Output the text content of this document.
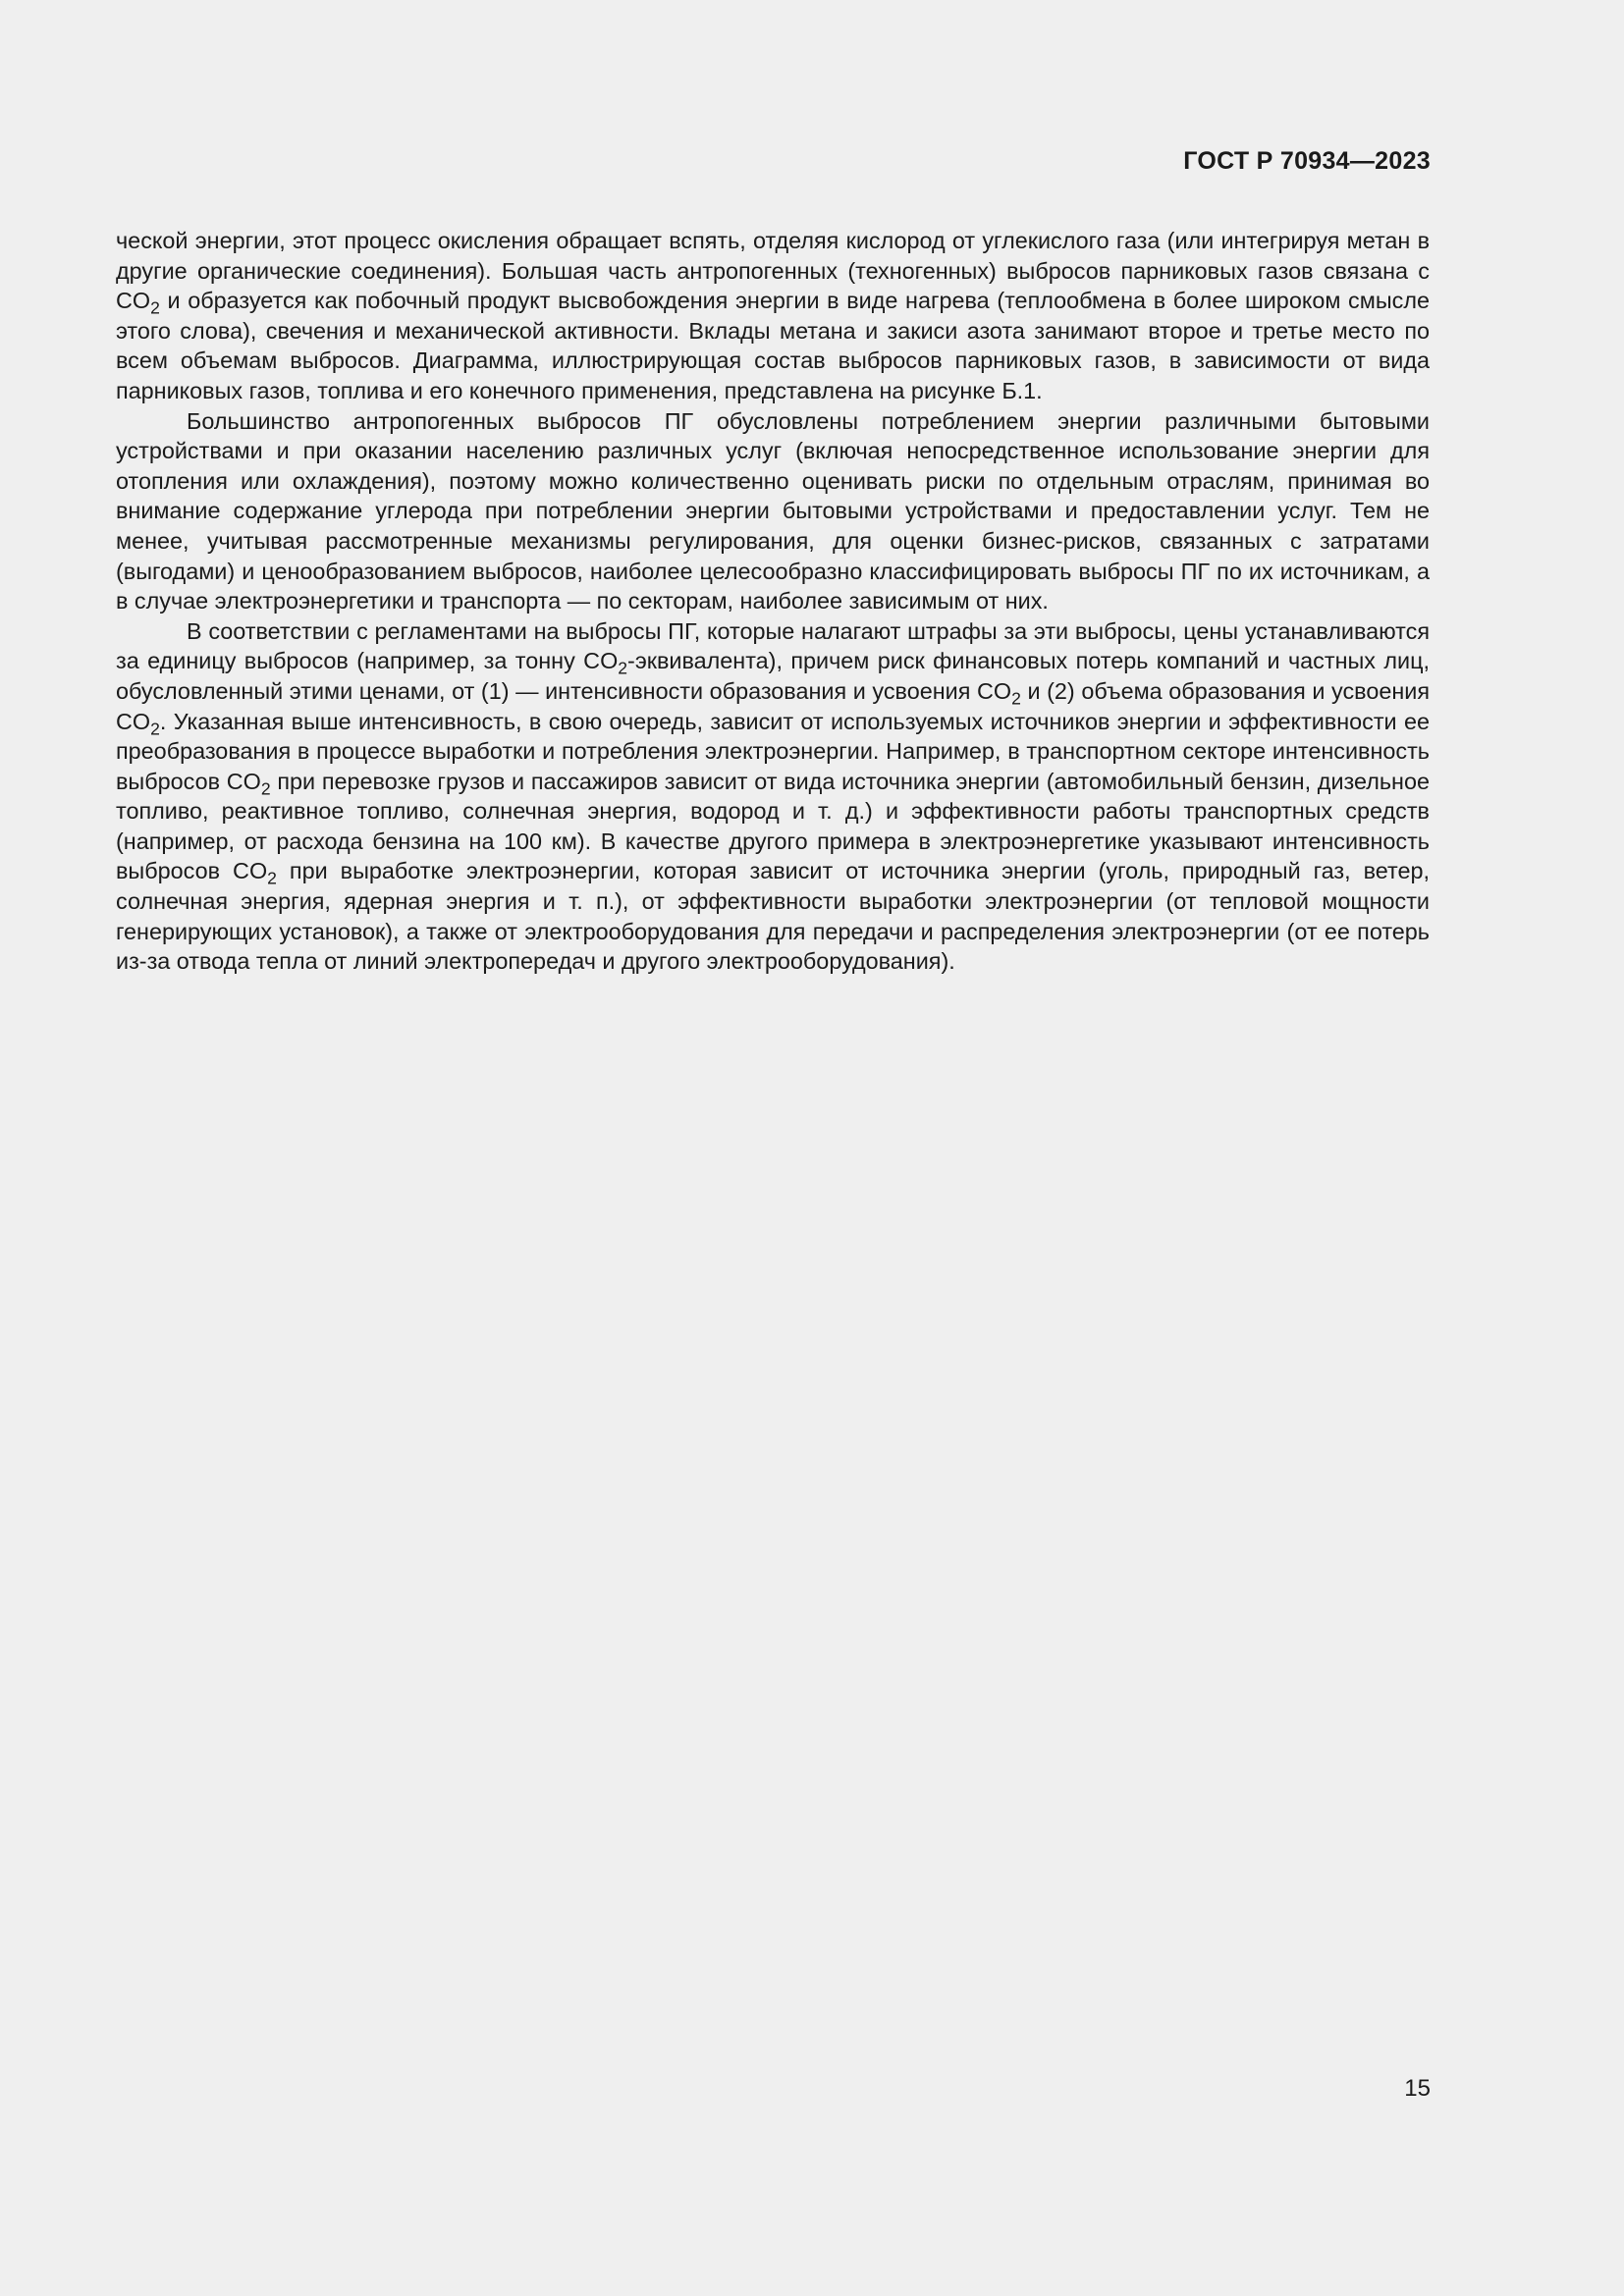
ГОСТ Р 70934—2023

ческой энергии, этот процесс окисления обращает вспять, отделяя кислород от углекислого газа (или интегрируя метан в другие органические соединения). Большая часть антропогенных (техногенных) выбросов парниковых газов связана с $CO_2$ и образуется как побочный продукт высвобождения энергии в виде нагрева (теплообмена в более широком смысле этого слова), свечения и механической активности. Вклады метана и закиси азота занимают второе и третье место по всем объемам выбросов. Диаграмма, иллюстрирующая состав выбросов парниковых газов, в зависимости от вида парниковых газов, топлива и его конечного применения, представлена на рисунке Б.1.

Большинство антропогенных выбросов ПГ обусловлены потреблением энергии различными бытовыми устройствами и при оказании населению различных услуг (включая непосредственное использование энергии для отопления или охлаждения), поэтому можно количественно оценивать риски по отдельным отраслям, принимая во внимание содержание углерода при потреблении энергии бытовыми устройствами и предоставлении услуг. Тем не менее, учитывая рассмотренные механизмы регулирования, для оценки бизнес-рисков, связанных с затратами (выгодами) и ценообразованием выбросов, наиболее целесообразно классифицировать выбросы ПГ по их источникам, а в случае электроэнергетики и транспорта — по секторам, наиболее зависимым от них.

В соответствии с регламентами на выбросы ПГ, которые налагают штрафы за эти выбросы, цены устанавливаются за единицу выбросов (например, за тонну $CO_2-эквивалента$), причем риск финансовых потерь компаний и частных лиц, обусловленный этими ценами, от (1) — интенсивности образования и усвоения $CO_2$ и (2) объема образования и усвоения $CO_2$. Указанная выше интенсивность, в свою очередь, зависит от используемых источников энергии и эффективности ее преобразования в процессе выработки и потребления электроэнергии. Например, в транспортном секторе интенсивность выбросов $CO_2$ при перевозке грузов и пассажиров зависит от вида источника энергии (автомобильный бензин, дизельное топливо, реактивное топливо, солнечная энергия, водород и т. д.) и эффективности работы транспортных средств (например, от расхода бензина на 100 км). В качестве другого примера в электроэнергетике указывают интенсивность выбросов $CO_2$ при выработке электроэнергии, которая зависит от источника энергии (уголь, природный газ, ветер, солнечная энергия, ядерная энергия и т. п.), от эффективности выработки электроэнергии (от тепловой мощности генерирующих установок), а также от электрооборудования для передачи и распределения электроэнергии (от ее потерь из-за отвода тепла от линий электропередач и другого электрооборудования).

15
